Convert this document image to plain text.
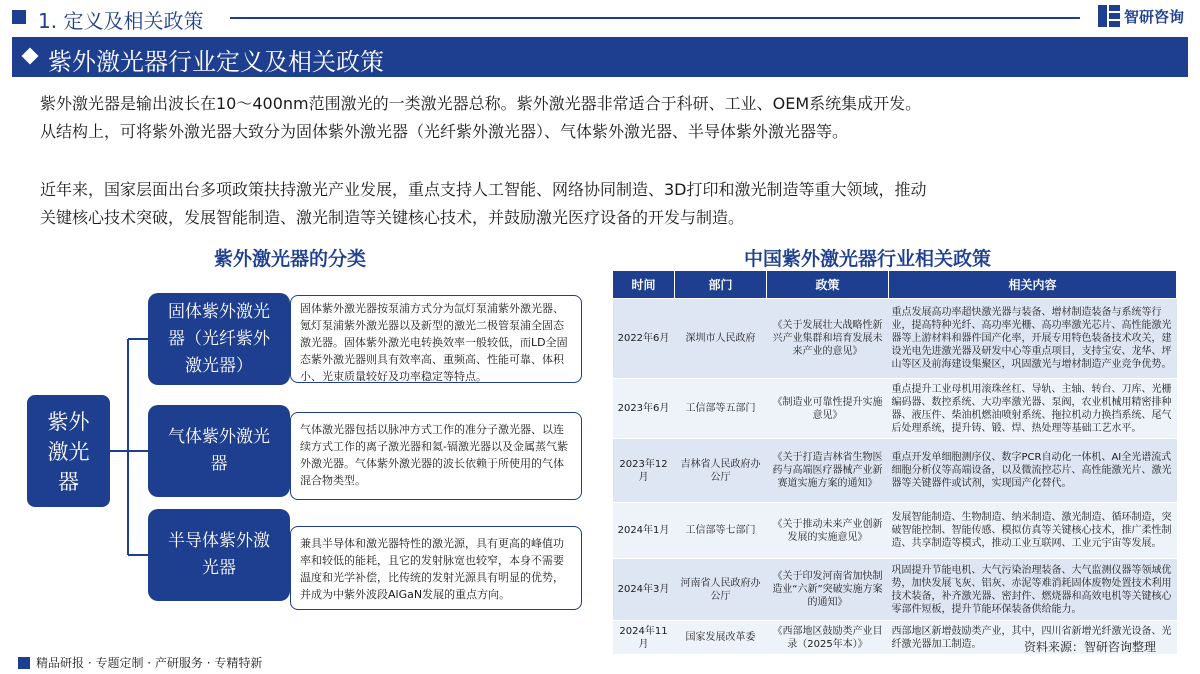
1. 定义及相关政策	智研咨询
紫外激光器行业定义及相关政策
紫外激光器是输出波长在10～400nm范围激光的一类激光器总称。紫外激光器非常适合于科研、工业、OEM系统集成开发。
从结构上，可将紫外激光器大致分为固体紫外激光器（光纤紫外激光器）、气体紫外激光器、半导体紫外激光器等。
近年来，国家层面出台多项政策扶持激光产业发展，重点支持人工智能、网络协同制造、3D打印和激光制造等重大领域，推动
关键核心技术突破，发展智能制造、激光制造等关键核心技术，并鼓励激光医疗设备的开发与制造。
紫外激光器的分类
紫外
激光
器
固体紫外激光器（光纤紫外激光器）
固体紫外激光器按泵浦方式分为氙灯泵浦紫外激光器、氪灯泵浦紫外激光器以及新型的激光二极管泵浦全固态激光器。固体紫外激光电转换效率一般较低，而LD全固态紫外激光器则具有效率高、重频高、性能可靠、体积小、光束质量较好及功率稳定等特点。
气体紫外激光器
气体激光器包括以脉冲方式工作的准分子激光器、以连续方式工作的离子激光器和氦-镉激光器以及金属蒸气紫外激光器。气体紫外激光器的波长依赖于所使用的气体混合物类型。
半导体紫外激光器
兼具半导体和激光器特性的激光源，具有更高的峰值功率和较低的能耗，且它的发射脉宽也较窄，本身不需要温度和光学补偿，比传统的发射光源具有明显的优势，并成为中紫外波段AlGaN发展的重点方向。
中国紫外激光器行业相关政策
时间	部门	政策	相关内容
2022年6月	深圳市人民政府	《关于发展壮大战略性新兴产业集群和培育发展未来产业的意见》	重点发展高功率超快激光器与装备、增材制造装备与系统等行业，提高特种光纤、高功率光栅、高功率激光芯片、高性能激光器等上游材料和器件国产化率，开展专用特色装备技术攻关，建设光电先进激光器及研发中心等重点项目，支持宝安、龙华、坪山等区及前海建设集聚区，巩固激光与增材制造产业竞争优势。
2023年6月	工信部等五部门	《制造业可靠性提升实施意见》	重点提升工业母机用滚珠丝杠、导轨、主轴、转台、刀库、光栅编码器、数控系统、大功率激光器、泵阀，农业机械用精密排种器、液压件、柴油机燃油喷射系统、拖拉机动力换挡系统、尾气后处理系统，提升铸、锻、焊、热处理等基础工艺水平。
2023年12月	吉林省人民政府办公厅	《关于打造吉林省生物医药与高端医疗器械产业新赛道实施方案的通知》	重点开发单细胞测序仪、数字PCR自动化一体机、AI全光谱流式细胞分析仪等高端设备，以及微流控芯片、高性能激光片、激光器等关键器件或试剂，实现国产化替代。
2024年1月	工信部等七部门	《关于推动未来产业创新发展的实施意见》	发展智能制造、生物制造、纳米制造、激光制造、循环制造，突破智能控制、智能传感、模拟仿真等关键核心技术，推广柔性制造、共享制造等模式，推动工业互联网、工业元宇宙等发展。
2024年3月	河南省人民政府办公厅	《关于印发河南省加快制造业“六新”突破实施方案的通知》	巩固提升节能电机、大气污染治理装备、大气监测仪器等领域优势，加快发展飞灰、铝灰、赤泥等难消耗固体废物处置技术利用技术装备，补齐激光器、密封件、燃烧器和高效电机等关键核心零部件短板，提升节能环保装备供给能力。
2024年11月	国家发展改革委	《西部地区鼓励类产业目录（2025年本）》	西部地区新增鼓励类产业，其中，四川省新增光纤激光设备、光纤激光器加工制造。	资料来源：智研咨询整理
精品研报 · 专题定制 · 产研服务 · 专精特新
